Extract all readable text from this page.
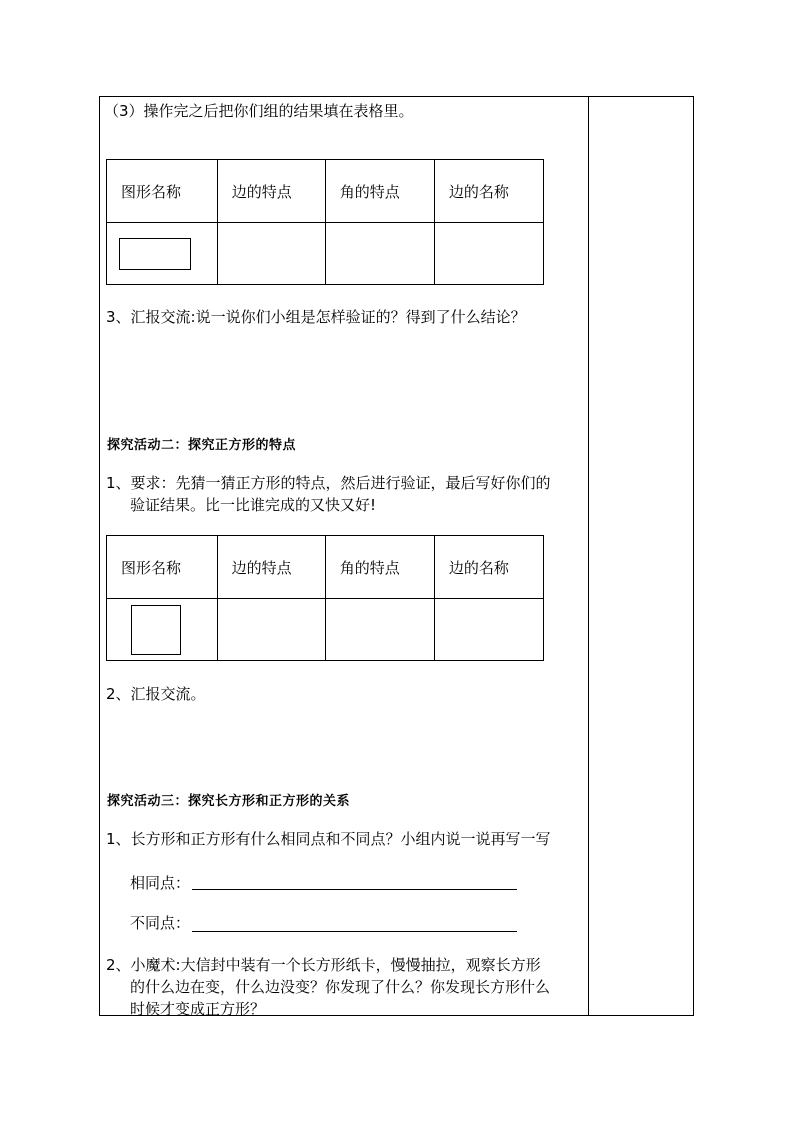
（3）操作完之后把你们组的结果填在表格里。
图形名称	边的特点	角的特点	边的名称

3、汇报交流:说一说你们小组是怎样验证的？得到了什么结论？
探究活动二：探究正方形的特点
1、要求：先猜一猜正方形的特点，然后进行验证，最后写好你们的
验证结果。比一比谁完成的又快又好!
图形名称	边的特点	角的特点	边的名称

2、汇报交流。
探究活动三：探究长方形和正方形的关系
1、长方形和正方形有什么相同点和不同点？小组内说一说再写一写
相同点：
不同点：
2、小魔术:大信封中装有一个长方形纸卡，慢慢抽拉，观察长方形
的什么边在变，什么边没变？你发现了什么？你发现长方形什么
时候才变成正方形？
